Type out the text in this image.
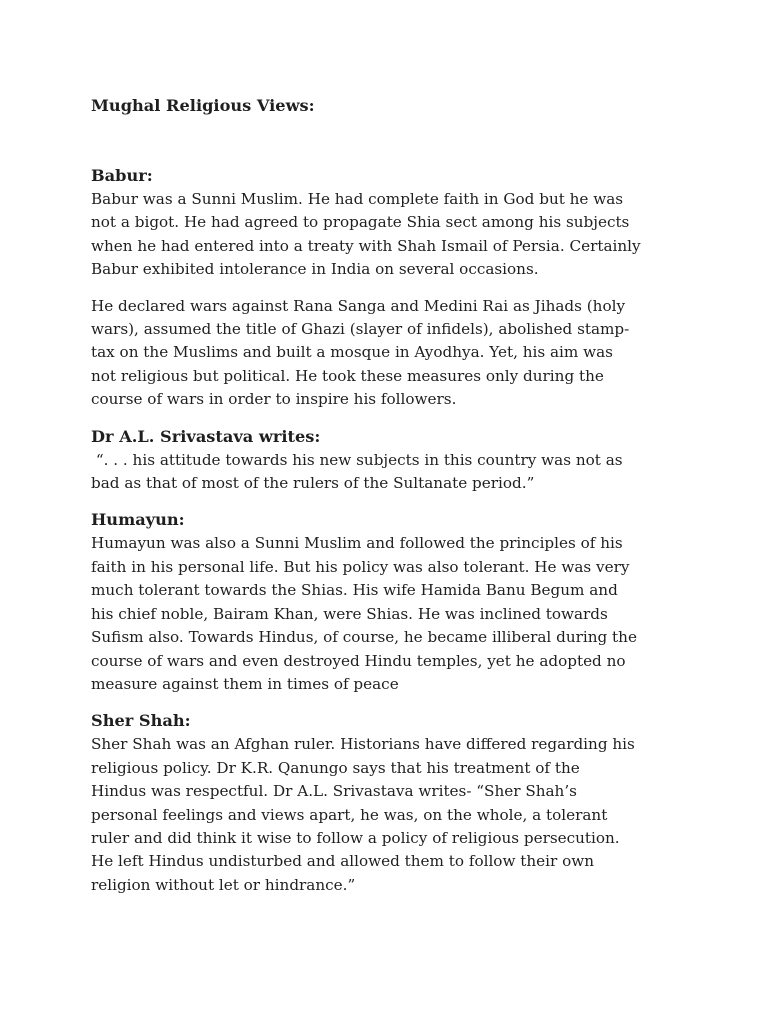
Mughal Religious Views:
Babur:

Babur was a Sunni Muslim. He had complete faith in God but he was
not a bigot. He had agreed to propagate Shia sect among his subjects
when he had entered into a treaty with Shah Ismail of Persia. Certainly
Babur exhibited intolerance in India on several occasions.

He declared wars against Rana Sanga and Medini Rai as Jihads (holy
wars), assumed the title of Ghazi (slayer of infidels), abolished stamp-
tax on the Muslims and built a mosque in Ayodhya. Yet, his aim was
not religious but political. He took these measures only during the
course of wars in order to inspire his followers.

Dr A.L. Srivastava writes:

“. . . his attitude towards his new subjects in this country was not as
bad as that of most of the rulers of the Sultanate period.”

Humayun:

Humayun was also a Sunni Muslim and followed the principles of his
faith in his personal life. But his policy was also tolerant. He was very
much tolerant towards the Shias. His wife Hamida Banu Begum and
his chief noble, Bairam Khan, were Shias. He was inclined towards
Sufism also. Towards Hindus, of course, he became illiberal during the
course of wars and even destroyed Hindu temples, yet he adopted no
measure against them in times of peace

Sher Shah:

Sher Shah was an Afghan ruler. Historians have differed regarding his
religious policy. Dr K.R. Qanungo says that his treatment of the
Hindus was respectful. Dr A.L. Srivastava writes- “Sher Shah’s
personal feelings and views apart, he was, on the whole, a tolerant
ruler and did think it wise to follow a policy of religious persecution.
He left Hindus undisturbed and allowed them to follow their own
religion without let or hindrance.”
